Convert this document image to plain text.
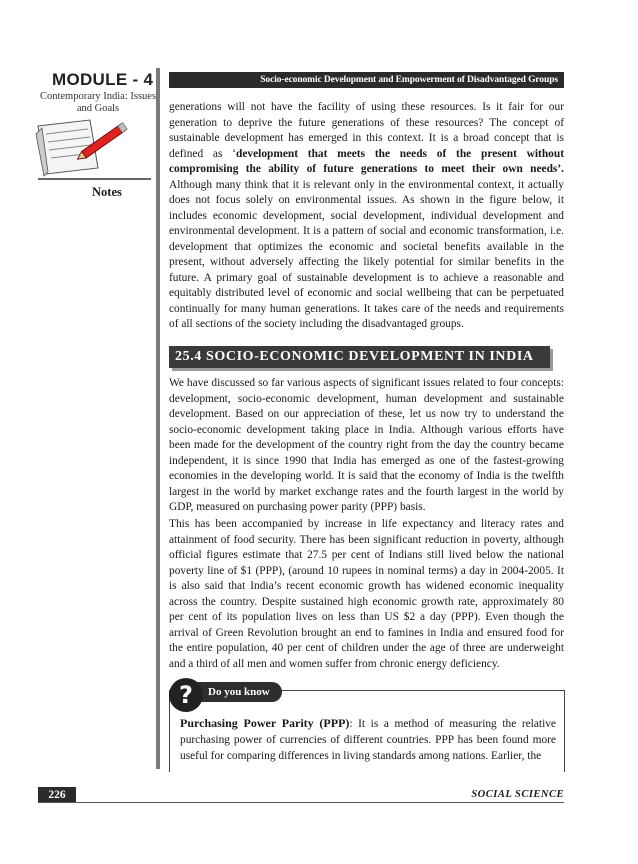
MODULE - 4
Contemporary India: Issues and Goals
Notes
Socio-economic Development and Empowerment of Disadvantaged Groups

generations will not have the facility of using these resources. Is it fair for our generation to deprive the future generations of these resources? The concept of sustainable development has emerged in this context. It is a broad concept that is defined as ‘development that meets the needs of the present without compromising the ability of future generations to meet their own needs’. Although many think that it is relevant only in the environmental context, it actually does not focus solely on environmental issues. As shown in the figure below, it includes economic development, social development, individual development and environmental development. It is a pattern of social and economic transformation, i.e. development that optimizes the economic and societal benefits available in the present, without adversely affecting the likely potential for similar benefits in the future. A primary goal of sustainable development is to achieve a reasonable and equitably distributed level of economic and social wellbeing that can be perpetuated continually for many human generations. It takes care of the needs and requirements of all sections of the society including the disadvantaged groups.

25.4 SOCIO-ECONOMIC DEVELOPMENT IN INDIA

We have discussed so far various aspects of significant issues related to four concepts: development, socio-economic development, human development and sustainable development. Based on our appreciation of these, let us now try to understand the socio-economic development taking place in India. Although various efforts have been made for the development of the country right from the day the country became independent, it is since 1990 that India has emerged as one of the fastest-growing economies in the developing world. It is said that the economy of India is the twelfth largest in the world by market exchange rates and the fourth largest in the world by GDP, measured on purchasing power parity (PPP) basis.

This has been accompanied by increase in life expectancy and literacy rates and attainment of food security. There has been significant reduction in poverty, although official figures estimate that 27.5 per cent of Indians still lived below the national poverty line of $1 (PPP), (around 10 rupees in nominal terms) a day in 2004-2005. It is also said that India’s recent economic growth has widened economic inequality across the country. Despite sustained high economic growth rate, approximately 80 per cent of its population lives on less than US $2 a day (PPP). Even though the arrival of Green Revolution brought an end to famines in India and ensured food for the entire population, 40 per cent of children under the age of three are underweight and a third of all men and women suffer from chronic energy deficiency.

Do you know
?
Purchasing Power Parity (PPP): It is a method of measuring the relative purchasing power of currencies of different countries. PPP has been found more useful for comparing differences in living standards among nations. Earlier, the
226	SOCIAL SCIENCE
